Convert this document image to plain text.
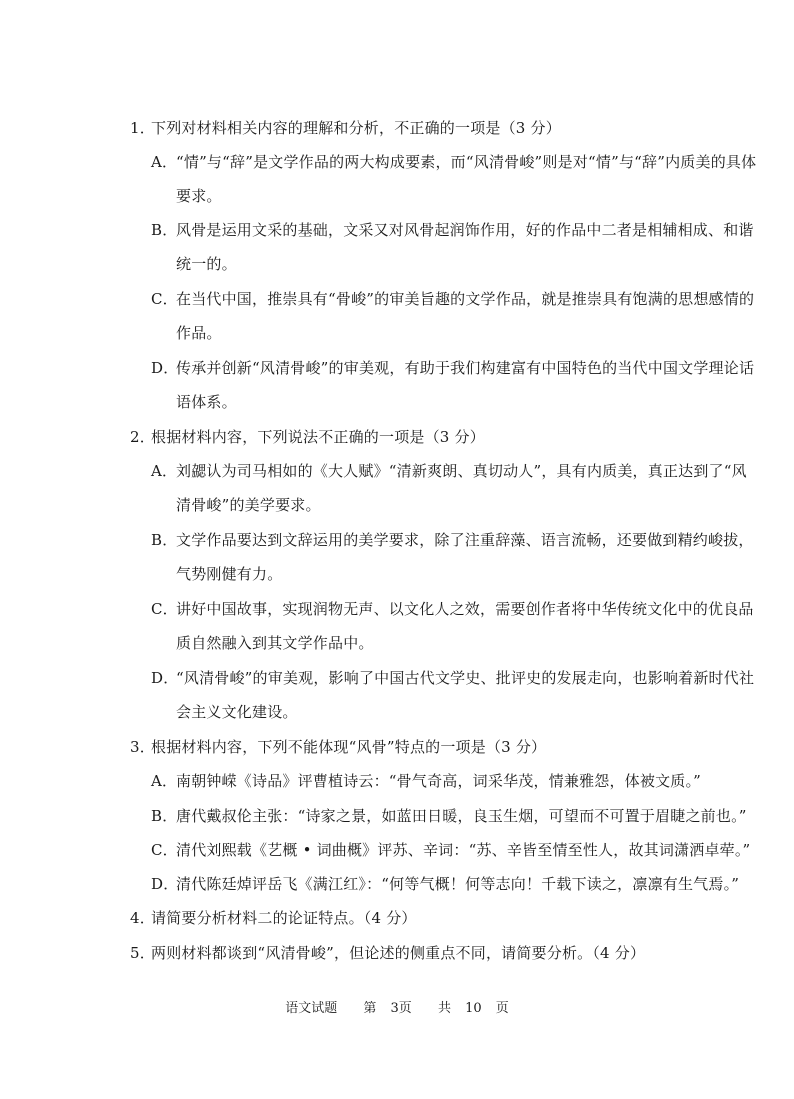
1．
下列对材料相关内容的理解和分析，不正确的一项是（3 分）
A．
“情”与“辞”是文学作品的两大构成要素，而“风清骨峻”则是对“情”与“辞”内质美的具体
要求。
B．
风骨是运用文采的基础，文采又对风骨起润饰作用，好的作品中二者是相辅相成、和谐
统一的。
C．
在当代中国，推崇具有“骨峻”的审美旨趣的文学作品，就是推崇具有饱满的思想感情的
作品。
D．
传承并创新“风清骨峻”的审美观，有助于我们构建富有中国特色的当代中国文学理论话
语体系。
2．
根据材料内容，下列说法不正确的一项是（3 分）
A．
刘勰认为司马相如的《大人赋》“清新爽朗、真切动人”，具有内质美，真正达到了“风
清骨峻”的美学要求。
B．
文学作品要达到文辞运用的美学要求，除了注重辞藻、语言流畅，还要做到精约峻拔，
气势刚健有力。
C．
讲好中国故事，实现润物无声、以文化人之效，需要创作者将中华传统文化中的优良品
质自然融入到其文学作品中。
D．
“风清骨峻”的审美观，影响了中国古代文学史、批评史的发展走向，也影响着新时代社
会主义文化建设。
3．
根据材料内容，下列不能体现“风骨”特点的一项是（3 分）
A．
南朝钟嵘《诗品》评曹植诗云：“骨气奇高，词采华茂，情兼雅怨，体被文质。”
B．
唐代戴叔伦主张：“诗家之景，如蓝田日暖，良玉生烟，可望而不可置于眉睫之前也。”
C．
清代刘熙载《艺概 • 词曲概》评苏、辛词：“苏、辛皆至情至性人，故其词潇洒卓荦。”
D．
清代陈廷焯评岳飞《满江红》：“何等气概！何等志向！千载下读之，凛凛有生气焉。”
4．
请简要分析材料二的论证特点。（4 分）
5．
两则材料都谈到“风清骨峻”，但论述的侧重点不同，请简要分析。（4 分）
语文试题 第 3页 共 10 页
